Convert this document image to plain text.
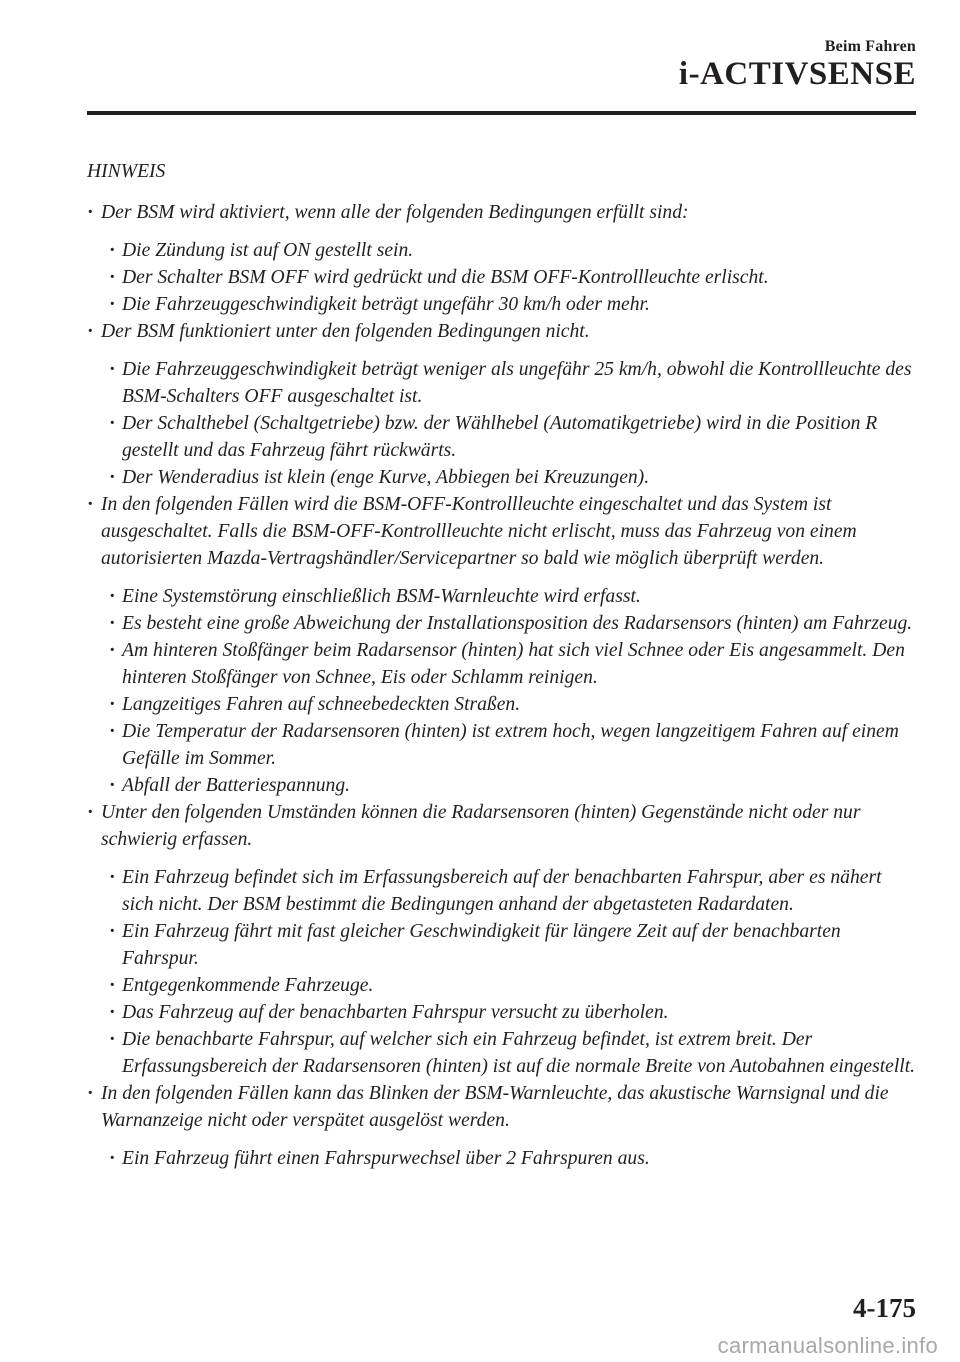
Beim Fahren
i-ACTIVSENSE
HINWEIS
· Der BSM wird aktiviert, wenn alle der folgenden Bedingungen erfüllt sind:
· Die Zündung ist auf ON gestellt sein.
· Der Schalter BSM OFF wird gedrückt und die BSM OFF-Kontrollleuchte erlischt.
· Die Fahrzeuggeschwindigkeit beträgt ungefähr 30 km/h oder mehr.
· Der BSM funktioniert unter den folgenden Bedingungen nicht.
· Die Fahrzeuggeschwindigkeit beträgt weniger als ungefähr 25 km/h, obwohl die Kontrollleuchte des BSM-Schalters OFF ausgeschaltet ist.
· Der Schalthebel (Schaltgetriebe) bzw. der Wählhebel (Automatikgetriebe) wird in die Position R gestellt und das Fahrzeug fährt rückwärts.
· Der Wenderadius ist klein (enge Kurve, Abbiegen bei Kreuzungen).
· In den folgenden Fällen wird die BSM-OFF-Kontrollleuchte eingeschaltet und das System ist ausgeschaltet. Falls die BSM-OFF-Kontrollleuchte nicht erlischt, muss das Fahrzeug von einem autorisierten Mazda-Vertragshändler/Servicepartner so bald wie möglich überprüft werden.
· Eine Systemstörung einschließlich BSM-Warnleuchte wird erfasst.
· Es besteht eine große Abweichung der Installationsposition des Radarsensors (hinten) am Fahrzeug.
· Am hinteren Stoßfänger beim Radarsensor (hinten) hat sich viel Schnee oder Eis angesammelt. Den hinteren Stoßfänger von Schnee, Eis oder Schlamm reinigen.
· Langzeitiges Fahren auf schneebedeckten Straßen.
· Die Temperatur der Radarsensoren (hinten) ist extrem hoch, wegen langzeitigem Fahren auf einem Gefälle im Sommer.
· Abfall der Batteriespannung.
· Unter den folgenden Umständen können die Radarsensoren (hinten) Gegenstände nicht oder nur schwierig erfassen.
· Ein Fahrzeug befindet sich im Erfassungsbereich auf der benachbarten Fahrspur, aber es nähert sich nicht. Der BSM bestimmt die Bedingungen anhand der abgetasteten Radardaten.
· Ein Fahrzeug fährt mit fast gleicher Geschwindigkeit für längere Zeit auf der benachbarten Fahrspur.
· Entgegenkommende Fahrzeuge.
· Das Fahrzeug auf der benachbarten Fahrspur versucht zu überholen.
· Die benachbarte Fahrspur, auf welcher sich ein Fahrzeug befindet, ist extrem breit. Der Erfassungsbereich der Radarsensoren (hinten) ist auf die normale Breite von Autobahnen eingestellt.
· In den folgenden Fällen kann das Blinken der BSM-Warnleuchte, das akustische Warnsignal und die Warnanzeige nicht oder verspätet ausgelöst werden.
· Ein Fahrzeug führt einen Fahrspurwechsel über 2 Fahrspuren aus.
4-175
carmanualsonline.info
